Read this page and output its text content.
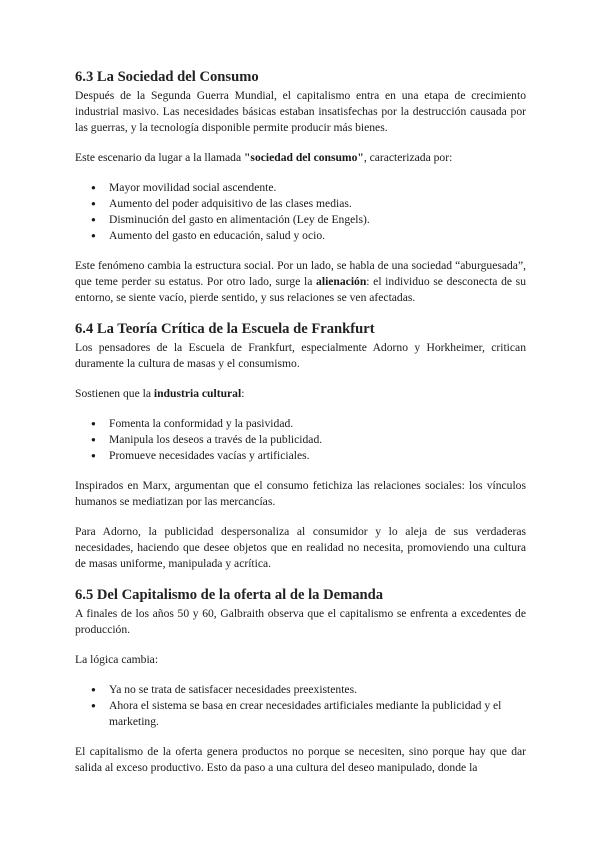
6.3 La Sociedad del Consumo

Después de la Segunda Guerra Mundial, el capitalismo entra en una etapa de crecimiento industrial masivo. Las necesidades básicas estaban insatisfechas por la destrucción causada por las guerras, y la tecnología disponible permite producir más bienes.

Este escenario da lugar a la llamada "sociedad del consumo", caracterizada por:

● Mayor movilidad social ascendente.
● Aumento del poder adquisitivo de las clases medias.
● Disminución del gasto en alimentación (Ley de Engels).
● Aumento del gasto en educación, salud y ocio.

Este fenómeno cambia la estructura social. Por un lado, se habla de una sociedad “aburguesada”, que teme perder su estatus. Por otro lado, surge la alienación: el individuo se desconecta de su entorno, se siente vacío, pierde sentido, y sus relaciones se ven afectadas.

6.4 La Teoría Crítica de la Escuela de Frankfurt

Los pensadores de la Escuela de Frankfurt, especialmente Adorno y Horkheimer, critican duramente la cultura de masas y el consumismo.

Sostienen que la industria cultural:

● Fomenta la conformidad y la pasividad.
● Manipula los deseos a través de la publicidad.
● Promueve necesidades vacías y artificiales.

Inspirados en Marx, argumentan que el consumo fetichiza las relaciones sociales: los vínculos humanos se mediatizan por las mercancías.

Para Adorno, la publicidad despersonaliza al consumidor y lo aleja de sus verdaderas necesidades, haciendo que desee objetos que en realidad no necesita, promoviendo una cultura de masas uniforme, manipulada y acrítica.

6.5 Del Capitalismo de la oferta al de la Demanda

A finales de los años 50 y 60, Galbraith observa que el capitalismo se enfrenta a excedentes de producción.

La lógica cambia:

● Ya no se trata de satisfacer necesidades preexistentes.
● Ahora el sistema se basa en crear necesidades artificiales mediante la publicidad y el marketing.

El capitalismo de la oferta genera productos no porque se necesiten, sino porque hay que dar salida al exceso productivo. Esto da paso a una cultura del deseo manipulado, donde la
